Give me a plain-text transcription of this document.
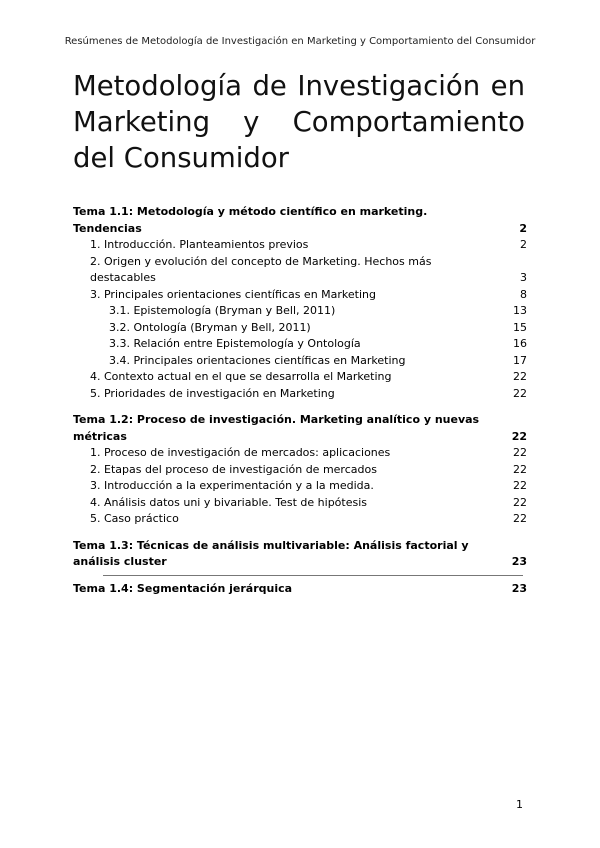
Resúmenes de Metodología de Investigación en Marketing y Comportamiento del Consumidor
Metodología de Investigación en Marketing y Comportamiento del Consumidor
Tema 1.1: Metodología y método científico en marketing. Tendencias	2
1. Introducción. Planteamientos previos	2
2. Origen y evolución del concepto de Marketing. Hechos más destacables	3
3. Principales orientaciones científicas en Marketing	8
3.1. Epistemología (Bryman y Bell, 2011)	13
3.2. Ontología (Bryman y Bell, 2011)	15
3.3. Relación entre Epistemología y Ontología	16
3.4. Principales orientaciones científicas en Marketing	17
4. Contexto actual en el que se desarrolla el Marketing	22
5. Prioridades de investigación en Marketing	22
Tema 1.2: Proceso de investigación. Marketing analítico y nuevas métricas	22
1. Proceso de investigación de mercados: aplicaciones	22
2. Etapas del proceso de investigación de mercados	22
3. Introducción a la experimentación y a la medida.	22
4. Análisis datos uni y bivariable. Test de hipótesis	22
5. Caso práctico	22
Tema 1.3: Técnicas de análisis multivariable: Análisis factorial y análisis cluster	23
Tema 1.4: Segmentación jerárquica	23
1
